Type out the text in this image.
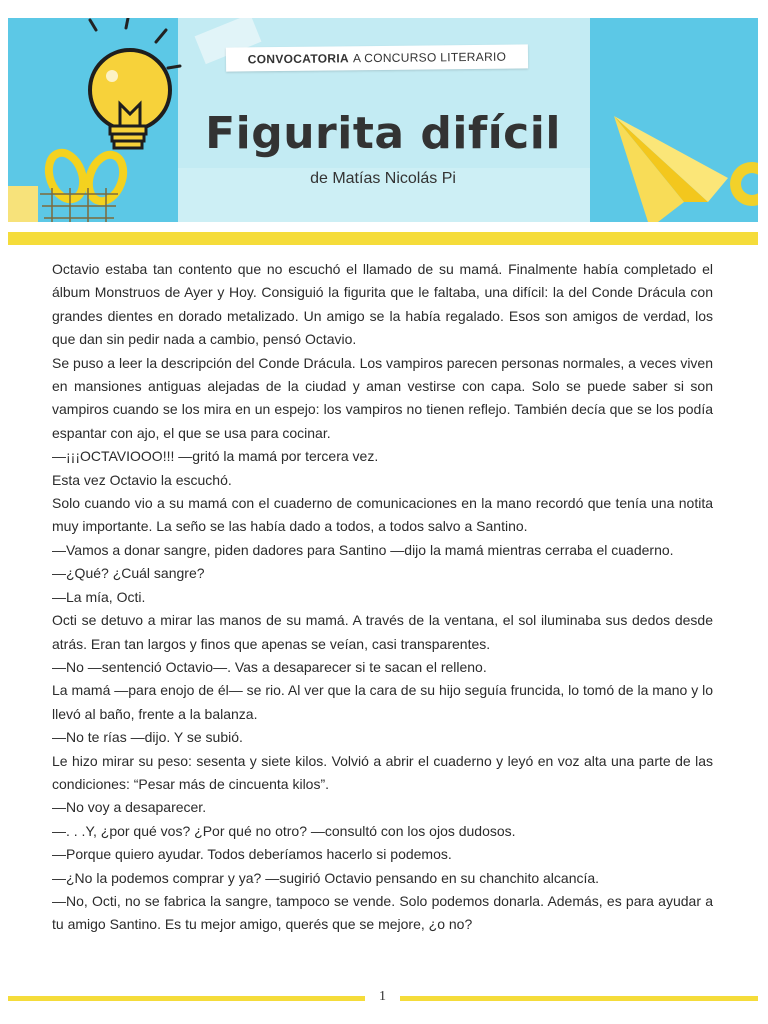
CONVOCATORIA A CONCURSO LITERARIO
Figurita difícil
de Matías Nicolás Pi

Octavio estaba tan contento que no escuchó el llamado de su mamá. Finalmente había completado el álbum Monstruos de Ayer y Hoy. Consiguió la figurita que le faltaba, una difícil: la del Conde Drácula con grandes dientes en dorado metalizado. Un amigo se la había regalado. Esos son amigos de verdad, los que dan sin pedir nada a cambio, pensó Octavio.

Se puso a leer la descripción del Conde Drácula. Los vampiros parecen personas normales, a veces viven en mansiones antiguas alejadas de la ciudad y aman vestirse con capa. Solo se puede saber si son vampiros cuando se los mira en un espejo: los vampiros no tienen reflejo. También decía que se los podía espantar con ajo, el que se usa para cocinar.

—¡¡¡OCTAVIOOO!!! —gritó la mamá por tercera vez.

Esta vez Octavio la escuchó.

Solo cuando vio a su mamá con el cuaderno de comunicaciones en la mano recordó que tenía una notita muy importante. La seño se las había dado a todos, a todos salvo a Santino.

—Vamos a donar sangre, piden dadores para Santino —dijo la mamá mientras cerraba el cuaderno.

—¿Qué? ¿Cuál sangre?

—La mía, Octi.

Octi se detuvo a mirar las manos de su mamá. A través de la ventana, el sol iluminaba sus dedos desde atrás. Eran tan largos y finos que apenas se veían, casi transparentes.

—No —sentenció Octavio—. Vas a desaparecer si te sacan el relleno.

La mamá —para enojo de él— se rio. Al ver que la cara de su hijo seguía fruncida, lo tomó de la mano y lo llevó al baño, frente a la balanza.

—No te rías —dijo. Y se subió.

Le hizo mirar su peso: sesenta y siete kilos. Volvió a abrir el cuaderno y leyó en voz alta una parte de las condiciones: “Pesar más de cincuenta kilos”.

—No voy a desaparecer.

—. . .Y, ¿por qué vos? ¿Por qué no otro? —consultó con los ojos dudosos.

—Porque quiero ayudar. Todos deberíamos hacerlo si podemos.

—¿No la podemos comprar y ya? —sugirió Octavio pensando en su chanchito alcancía.

—No, Octi, no se fabrica la sangre, tampoco se vende. Solo podemos donarla. Además, es para ayudar a tu amigo Santino. Es tu mejor amigo, querés que se mejore, ¿o no?

1
